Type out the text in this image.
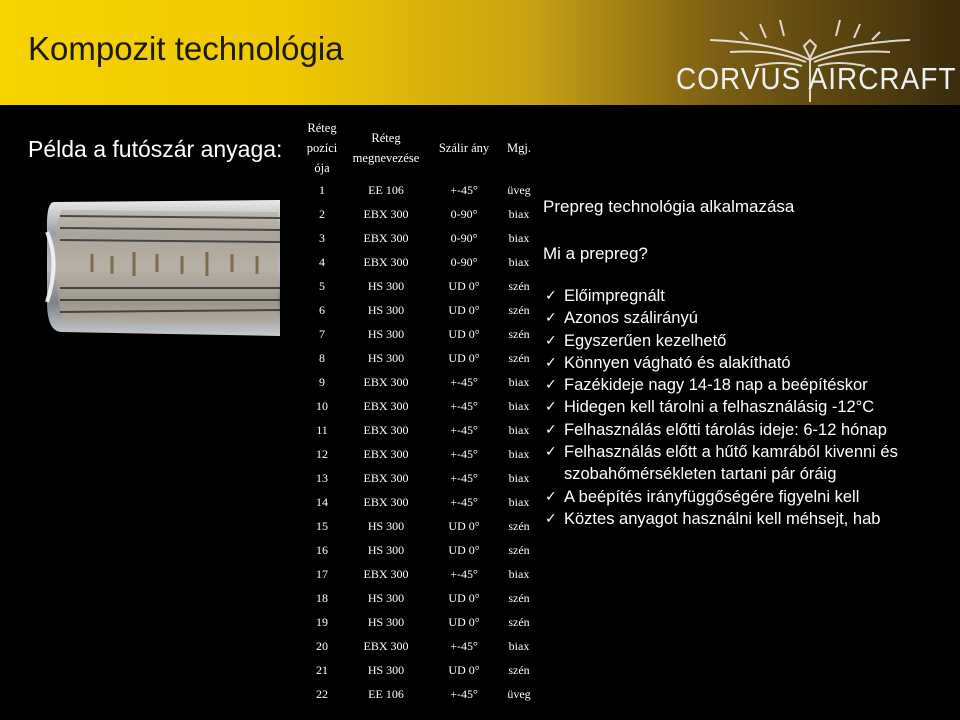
Kompozit technológia
CORVUS AIRCRAFT
Példa a futószár anyaga:
Réteg pozíci ója	Réteg megnevezése	Szálir ány	Mgj.
1	EE 106	+-45°	üveg
2	EBX 300	0-90°	biax
3	EBX 300	0-90°	biax
4	EBX 300	0-90°	biax
5	HS 300	UD 0°	szén
6	HS 300	UD 0°	szén
7	HS 300	UD 0°	szén
8	HS 300	UD 0°	szén
9	EBX 300	+-45°	biax
10	EBX 300	+-45°	biax
11	EBX 300	+-45°	biax
12	EBX 300	+-45°	biax
13	EBX 300	+-45°	biax
14	EBX 300	+-45°	biax
15	HS 300	UD 0°	szén
16	HS 300	UD 0°	szén
17	EBX 300	+-45°	biax
18	HS 300	UD 0°	szén
19	HS 300	UD 0°	szén
20	EBX 300	+-45°	biax
21	HS 300	UD 0°	szén
22	EE 106	+-45°	üveg
Prepreg technológia alkalmazása
Mi a prepreg?
✓ Előimpregnált
✓ Azonos szálirányú
✓ Egyszerűen kezelhető
✓ Könnyen vágható és alakítható
✓ Fazékideje nagy 14-18 nap a beépítéskor
✓ Hidegen kell tárolni a felhasználásig -12°C
✓ Felhasználás előtti tárolás ideje: 6-12 hónap
✓ Felhasználás előtt a hűtő kamrából kivenni és szobahőmérsékleten tartani pár óráig
✓ A beépítés irányfüggőségére figyelni kell
✓ Köztes anyagot használni kell méhsejt, hab
